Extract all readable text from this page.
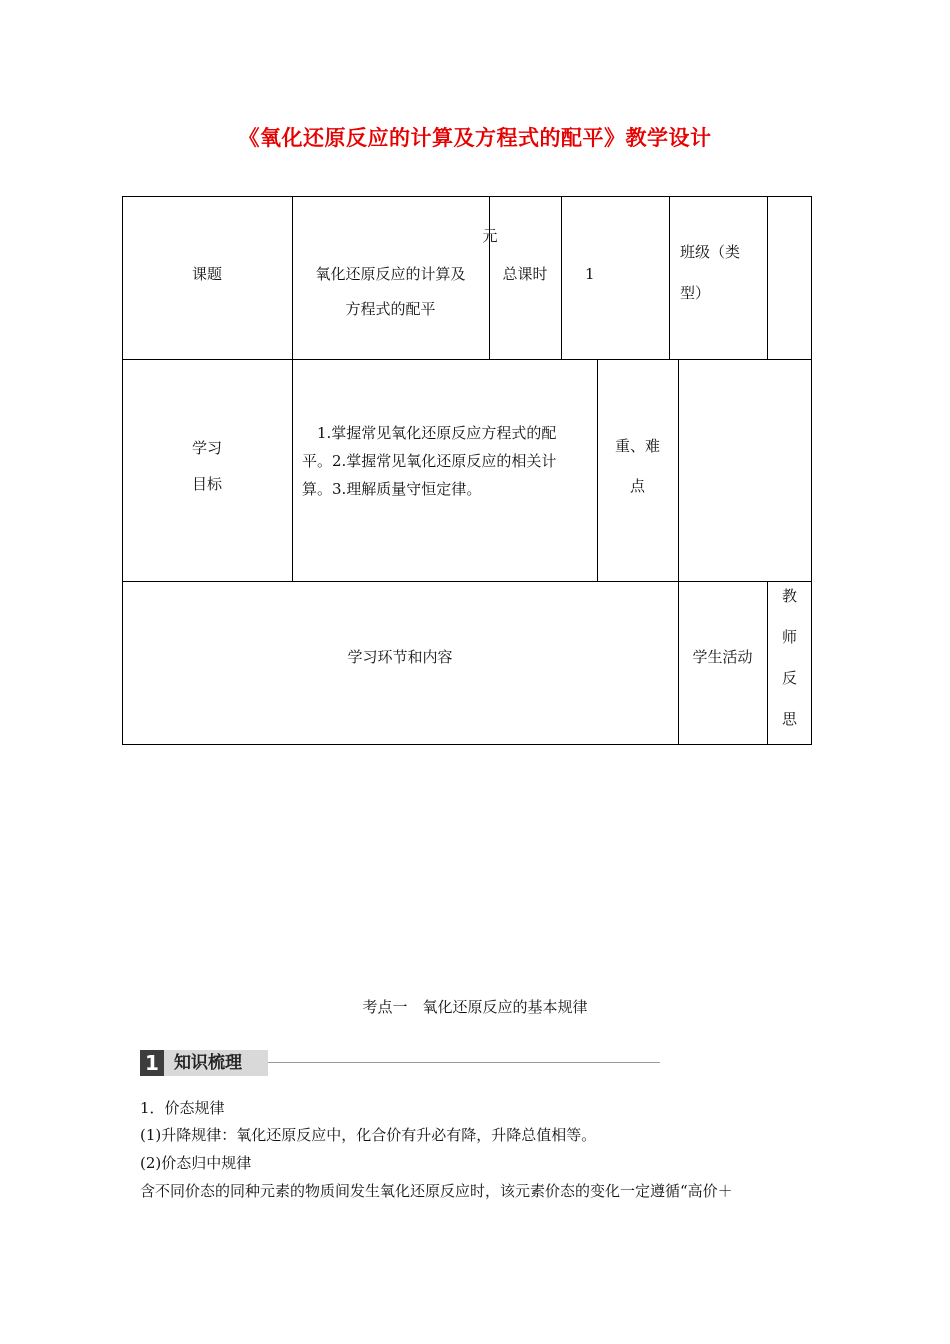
《氧化还原反应的计算及方程式的配平》教学设计
课题
元
氧化还原反应的计算及
方程式的配平
总课时	1
班级（类
型）
学习
目标
1.掌握常见氧化还原反应方程式的配
平。2.掌握常见氧化还原反应的相关计
算。3.理解质量守恒定律。
重、难
点
学习环节和内容	学生活动
教
师
反
思
考点一　氧化还原反应的基本规律
1 知识梳理
1．价态规律
(1)升降规律：氧化还原反应中，化合价有升必有降，升降总值相等。
(2)价态归中规律
含不同价态的同种元素的物质间发生氧化还原反应时，该元素价态的变化一定遵循“高价＋
